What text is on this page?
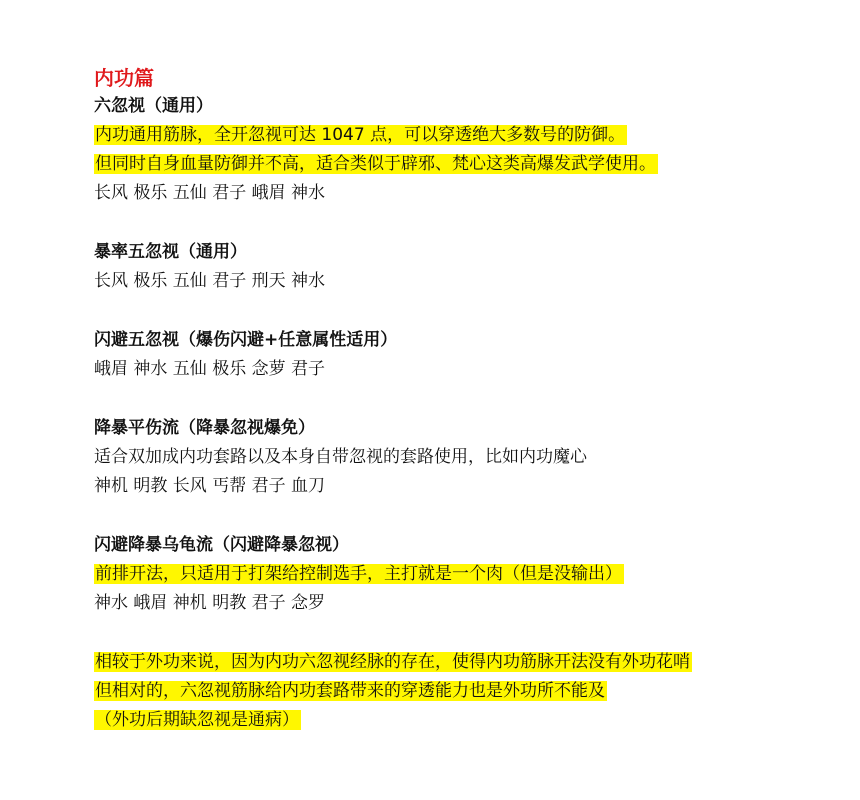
内功篇
六忽视（通用）
内功通用筋脉，全开忽视可达 1047 点，可以穿透绝大多数号的防御。
但同时自身血量防御并不高，适合类似于辟邪、梵心这类高爆发武学使用。
长风 极乐 五仙 君子 峨眉 神水
暴率五忽视（通用）
长风 极乐 五仙 君子 刑天 神水
闪避五忽视（爆伤闪避+任意属性适用）
峨眉 神水 五仙 极乐 念萝 君子
降暴平伤流（降暴忽视爆免）
适合双加成内功套路以及本身自带忽视的套路使用，比如内功魔心
神机 明教 长风 丐帮 君子 血刀
闪避降暴乌龟流（闪避降暴忽视）
前排开法，只适用于打架给控制选手，主打就是一个肉（但是没输出）
神水 峨眉 神机 明教 君子 念罗
相较于外功来说，因为内功六忽视经脉的存在，使得内功筋脉开法没有外功花哨
但相对的，六忽视筋脉给内功套路带来的穿透能力也是外功所不能及
（外功后期缺忽视是通病）
